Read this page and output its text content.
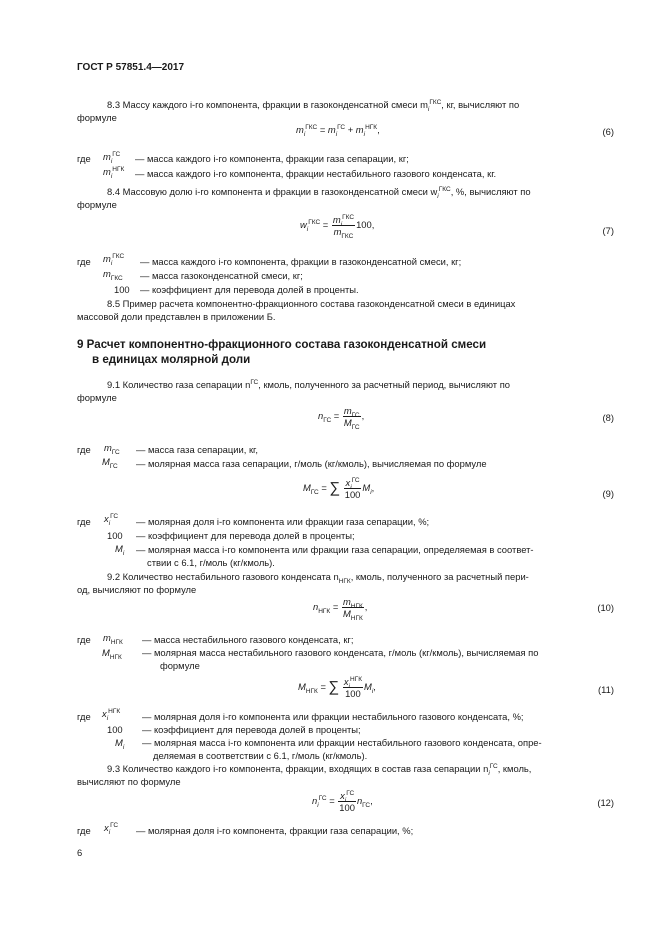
ГОСТ Р 57851.4—2017
8.3 Массу каждого i-го компонента, фракции в газоконденсатной смеси $m_i^{ГКС}$, кг, вычисляют по
формуле
$m_i^{ГКС} = m_i^{ГС} + m_i^{НГК}$,	(6)
где $m_i^{ГС}$ — масса каждого i-го компонента, фракции газа сепарации, кг;
$m_i^{НГК}$ — масса каждого i-го компонента, фракции нестабильного газового конденсата, кг.
8.4 Массовую долю i-го компонента и фракции в газоконденсатной смеси $w_i^{ГКС}$, %, вычисляют по
формуле
$w_i^{ГКС} = \frac{m_i^{ГКС}}{m_{ГКС}} 100$,
(7)
где $m_i^{ГКС}$ — масса каждого i-го компонента, фракции в газоконденсатной смеси, кг;
$m_{ГКС}$ — масса газоконденсатной смеси, кг;
100 — коэффициент для перевода долей в проценты.
8.5 Пример расчета компонентно-фракционного состава газоконденсатной смеси в единицах
массовой доли представлен в приложении Б.
9 Расчет компонентно-фракционного состава газоконденсатной смеси
в единицах молярной доли
9.1 Количество газа сепарации $n^{ГС}$, кмоль, полученного за расчетный период, вычисляют по
формуле
$n_{ГС} = \frac{m_{ГС}}{M_{ГС}}$ ,	(8)
где $m_{ГС}$ — масса газа сепарации, кг,
$M_{ГС}$ — молярная масса газа сепарации, г/моль (кг/кмоль), вычисляемая по формуле
$M_{ГС}$ = ∑ $\frac{x_i^{ГС}}{100} M_i$,
(9)
где $x_i^{ГС}$ — молярная доля i-го компонента или фракции газа сепарации, %;
100 — коэффициент для перевода долей в проценты;
$M_i$ — молярная масса i-го компонента или фракции газа сепарации, определяемая в соответ-
ствии с 6.1, г/моль (кг/кмоль).
9.2 Количество нестабильного газового конденсата $n_{НГК}$, кмоль, полученного за расчетный пери-
од, вычисляют по формуле
$n_{НГК} = \frac{m_{НГК}}{M_{НГК}}$ ,	(10)
где $m_{НГК}$ — масса нестабильного газового конденсата, кг;
$M_{НГК}$ — молярная масса нестабильного газового конденсата, г/моль (кг/кмоль), вычисляемая по
формуле
$M_{НГК}$ = ∑ $\frac{x_i^{НГК}}{100} M_i$,	(11)
где $x_i^{НГК}$ — молярная доля i-го компонента или фракции нестабильного газового конденсата, %;
100 — коэффициент для перевода долей в проценты;
$M_i$ — молярная масса i-го компонента или фракции нестабильного газового конденсата, опре-
деляемая в соответствии с 6.1, г/моль (кг/кмоль).
9.3 Количество каждого i-го компонента, фракции, входящих в состав газа сепарации $n_i^{ГС}$, кмоль,
вычисляют по формуле
$n_i^{ГС} = \frac{x_i^{ГС}}{100} n_{ГС}$,	(12)
где $x_i^{ГС}$ — молярная доля i-го компонента, фракции газа сепарации, %;
6
